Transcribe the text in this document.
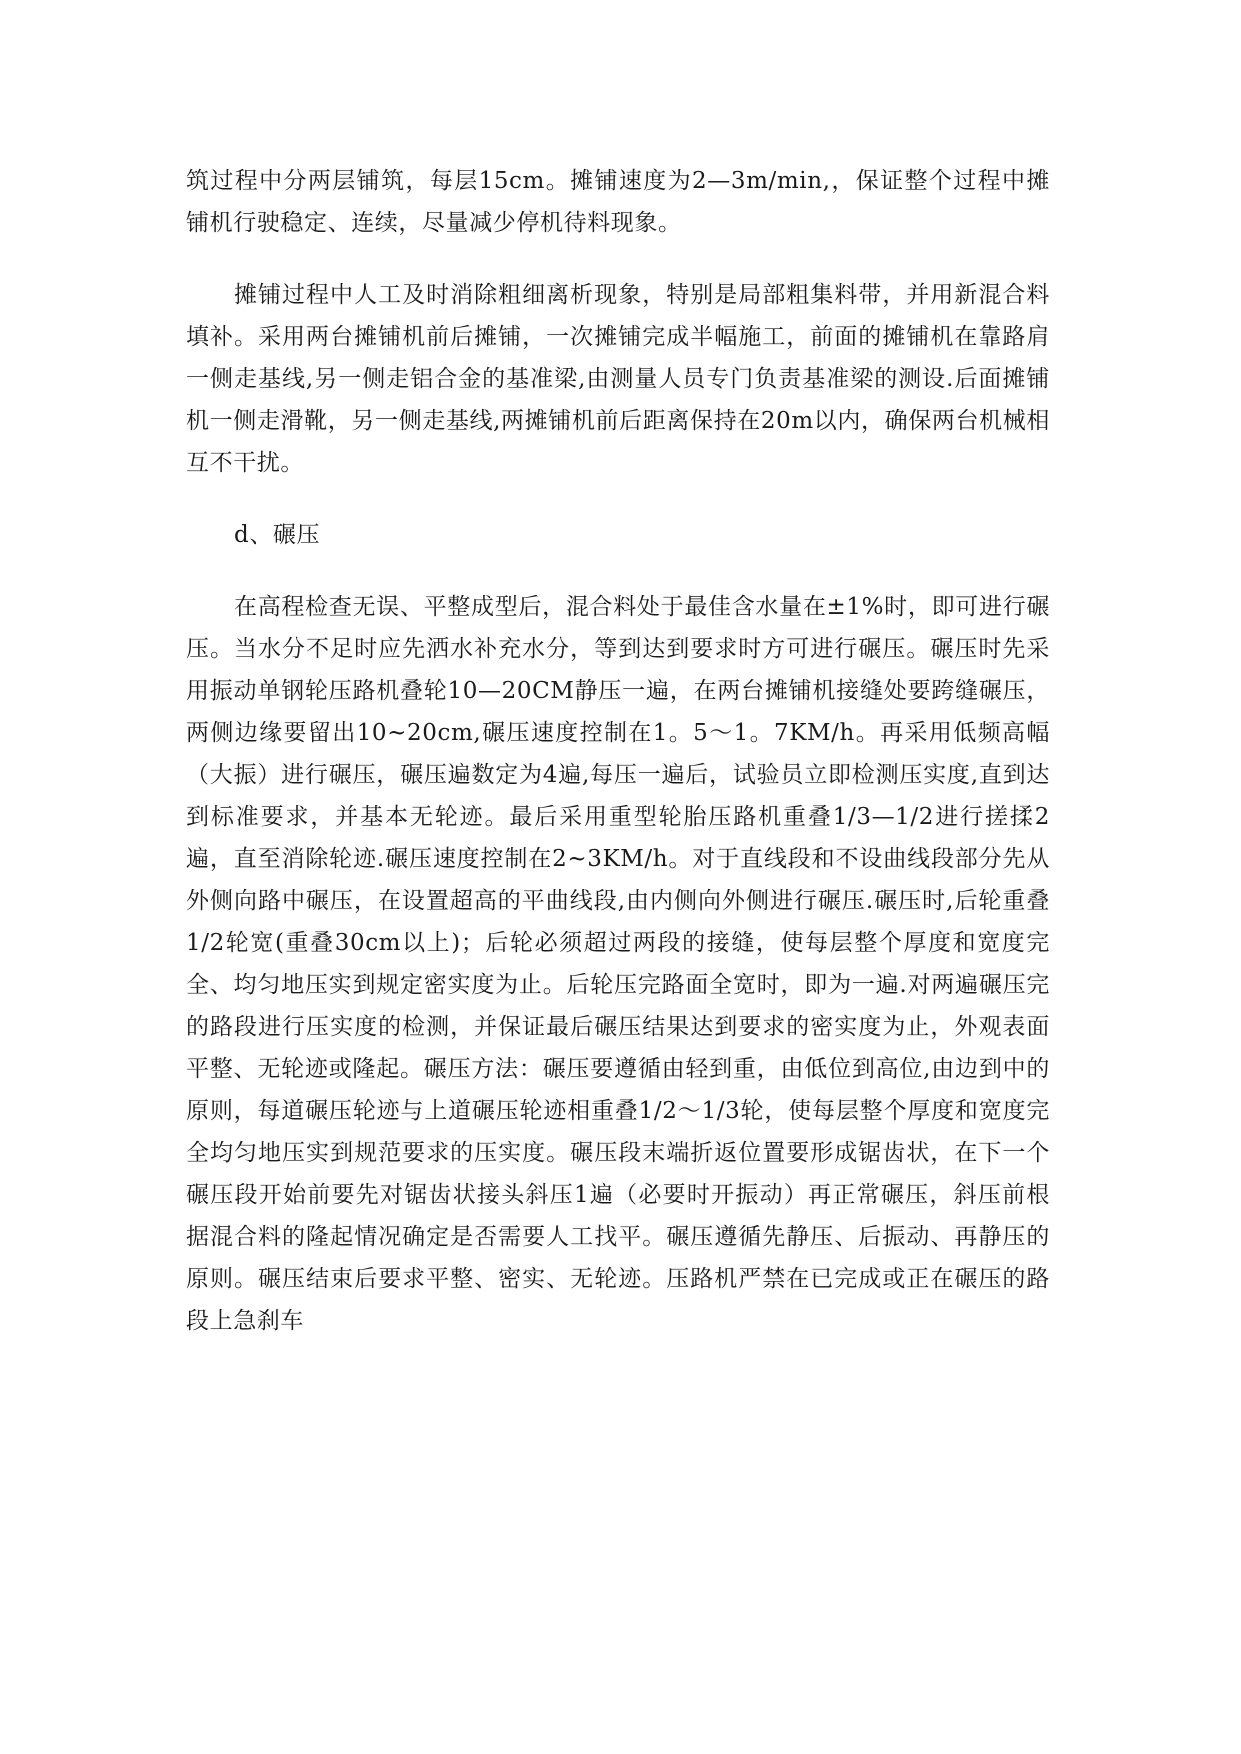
筑过程中分两层铺筑，每层15cm。摊铺速度为2—3m/min,，保证整个过程中摊铺机行驶稳定、连续，尽量减少停机待料现象。

摊铺过程中人工及时消除粗细离析现象，特别是局部粗集料带，并用新混合料填补。采用两台摊铺机前后摊铺，一次摊铺完成半幅施工，前面的摊铺机在靠路肩一侧走基线,另一侧走铝合金的基准梁,由测量人员专门负责基准梁的测设.后面摊铺机一侧走滑靴，另一侧走基线,两摊铺机前后距离保持在20m以内，确保两台机械相互不干扰。

d、碾压

在高程检查无误、平整成型后，混合料处于最佳含水量在±1%时，即可进行碾压。当水分不足时应先洒水补充水分，等到达到要求时方可进行碾压。碾压时先采用振动单钢轮压路机叠轮10—20CM静压一遍，在两台摊铺机接缝处要跨缝碾压，两侧边缘要留出10~20cm,碾压速度控制在1。5～1。7KM/h。再采用低频高幅（大振）进行碾压，碾压遍数定为4遍,每压一遍后，试验员立即检测压实度,直到达到标准要求，并基本无轮迹。最后采用重型轮胎压路机重叠1/3—1/2进行搓揉2遍，直至消除轮迹.碾压速度控制在2~3KM/h。对于直线段和不设曲线段部分先从外侧向路中碾压，在设置超高的平曲线段,由内侧向外侧进行碾压.碾压时,后轮重叠1/2轮宽(重叠30cm以上)；后轮必须超过两段的接缝，使每层整个厚度和宽度完全、均匀地压实到规定密实度为止。后轮压完路面全宽时，即为一遍.对两遍碾压完的路段进行压实度的检测，并保证最后碾压结果达到要求的密实度为止，外观表面平整、无轮迹或隆起。碾压方法：碾压要遵循由轻到重，由低位到高位,由边到中的原则，每道碾压轮迹与上道碾压轮迹相重叠1/2～1/3轮，使每层整个厚度和宽度完全均匀地压实到规范要求的压实度。碾压段末端折返位置要形成锯齿状，在下一个碾压段开始前要先对锯齿状接头斜压1遍（必要时开振动）再正常碾压，斜压前根据混合料的隆起情况确定是否需要人工找平。碾压遵循先静压、后振动、再静压的原则。碾压结束后要求平整、密实、无轮迹。压路机严禁在已完成或正在碾压的路段上急刹车
